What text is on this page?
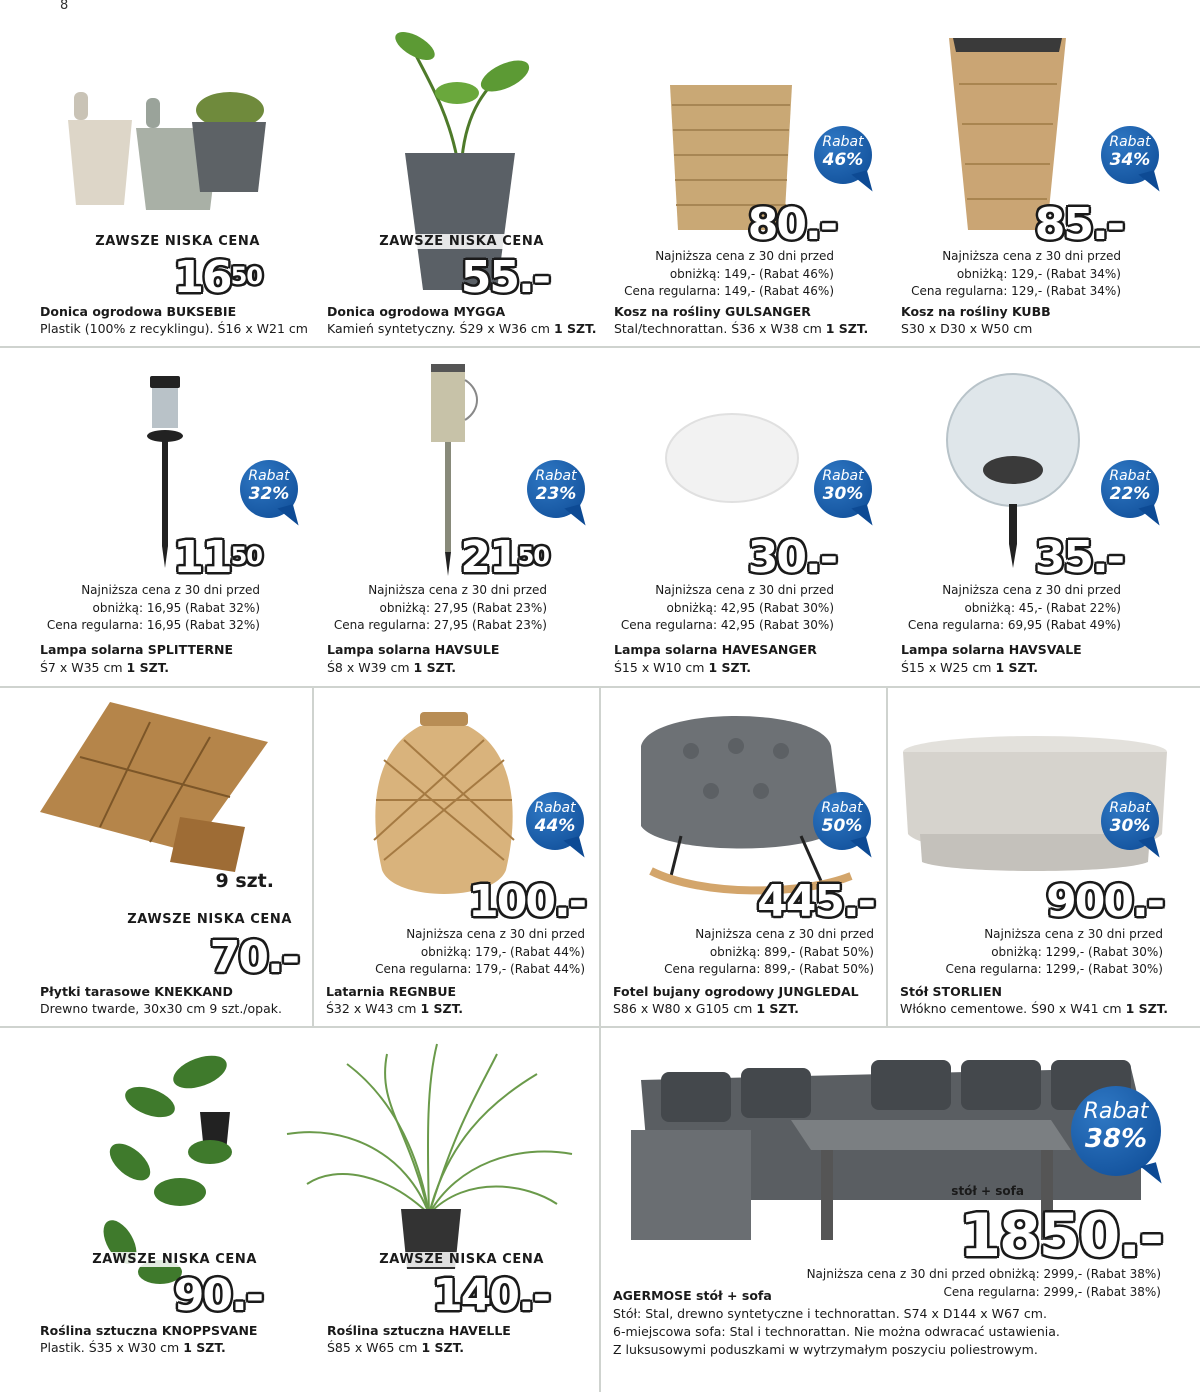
8
ZAWSZE NISKA CENA
$16^{50}$
Donica ogrodowa BUKSEBIE
Plastik (100% z recyklingu). Ś16 x W21 cm
ZAWSZE NISKA CENA
55.-
Donica ogrodowa MYGGA
Kamień syntetyczny. Ś29 x W36 cm 1 SZT.
Rabat
46%
80.-
Najniższa cena z 30 dni przed
obniżką: 149,- (Rabat 46%)
Cena regularna: 149,- (Rabat 46%)
Kosz na rośliny GULSANGER
Stal/technorattan. Ś36 x W38 cm 1 SZT.
Rabat
34%
85.-
Najniższa cena z 30 dni przed
obniżką: 129,- (Rabat 34%)
Cena regularna: 129,- (Rabat 34%)
Kosz na rośliny KUBB
S30 x D30 x W50 cm
Rabat
32%
$11^{50}$
Najniższa cena z 30 dni przed
obniżką: 16,95 (Rabat 32%)
Cena regularna: 16,95 (Rabat 32%)
Lampa solarna SPLITTERNE
Ś7 x W35 cm 1 SZT.
Rabat
23%
$21^{50}$
Najniższa cena z 30 dni przed
obniżką: 27,95 (Rabat 23%)
Cena regularna: 27,95 (Rabat 23%)
Lampa solarna HAVSULE
Ś8 x W39 cm 1 SZT.
Rabat
30%
30.-
Najniższa cena z 30 dni przed
obniżką: 42,95 (Rabat 30%)
Cena regularna: 42,95 (Rabat 30%)
Lampa solarna HAVESANGER
Ś15 x W10 cm 1 SZT.
Rabat
22%
35.-
Najniższa cena z 30 dni przed
obniżką: 45,- (Rabat 22%)
Cena regularna: 69,95 (Rabat 49%)
Lampa solarna HAVSVALE
Ś15 x W25 cm 1 SZT.
9 szt.
ZAWSZE NISKA CENA
70.-
Płytki tarasowe KNEKKAND
Drewno twarde, 30x30 cm 9 szt./opak.
Rabat
44%
100.-
Najniższa cena z 30 dni przed
obniżką: 179,- (Rabat 44%)
Cena regularna: 179,- (Rabat 44%)
Latarnia REGNBUE
Ś32 x W43 cm 1 SZT.
Rabat
50%
445.-
Najniższa cena z 30 dni przed
obniżką: 899,- (Rabat 50%)
Cena regularna: 899,- (Rabat 50%)
Fotel bujany ogrodowy JUNGLEDAL
S86 x W80 x G105 cm 1 SZT.
Rabat
30%
900.-
Najniższa cena z 30 dni przed
obniżką: 1299,- (Rabat 30%)
Cena regularna: 1299,- (Rabat 30%)
Stół STORLIEN
Włókno cementowe. Ś90 x W41 cm 1 SZT.
ZAWSZE NISKA CENA
90.-
Roślina sztuczna KNOPPSVANE
Plastik. Ś35 x W30 cm 1 SZT.
ZAWSZE NISKA CENA
140.-
Roślina sztuczna HAVELLE
Ś85 x W65 cm 1 SZT.
Rabat
38%
stół + sofa
1850.-
Najniższa cena z 30 dni przed obniżką: 2999,- (Rabat 38%)
Cena regularna: 2999,- (Rabat 38%)
AGERMOSE stół + sofa
Stół: Stal, drewno syntetyczne i technorattan. S74 x D144 x W67 cm.
6-miejscowa sofa: Stal i technorattan. Nie można odwracać ustawienia.
Z luksusowymi poduszkami w wytrzymałym poszyciu poliestrowym.
